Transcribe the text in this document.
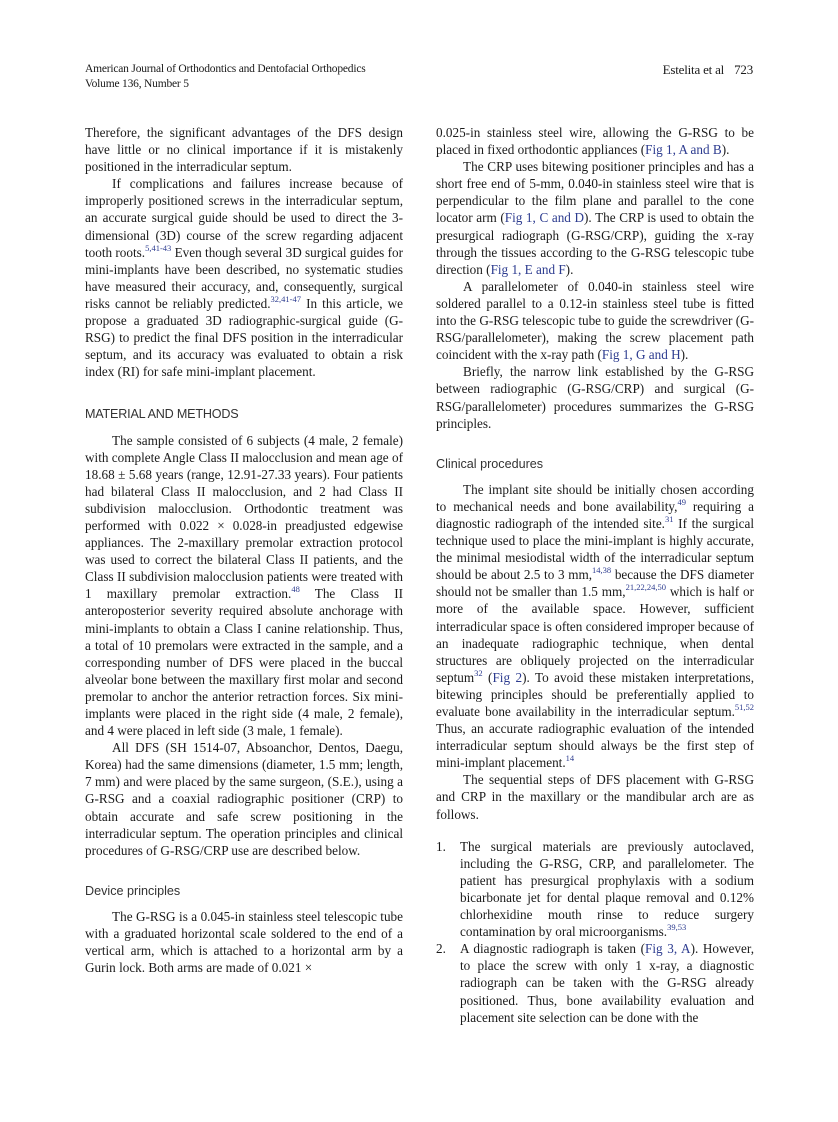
American Journal of Orthodontics and Dentofacial Orthopedics
Volume 136, Number 5
Estelita et al 723

Therefore, the significant advantages of the DFS design have little or no clinical importance if it is mistakenly positioned in the interradicular septum.

If complications and failures increase because of improperly positioned screws in the interradicular septum, an accurate surgical guide should be used to direct the 3-dimensional (3D) course of the screw regarding adjacent tooth roots.$^{5,41-43}$ Even though several 3D surgical guides for mini-implants have been described, no systematic studies have measured their accuracy, and, consequently, surgical risks cannot be reliably predicted.$^{32,41-47}$ In this article, we propose a graduated 3D radiographic-surgical guide (G-RSG) to predict the final DFS position in the interradicular septum, and its accuracy was evaluated to obtain a risk index (RI) for safe mini-implant placement.

MATERIAL AND METHODS

The sample consisted of 6 subjects (4 male, 2 female) with complete Angle Class II malocclusion and mean age of 18.68 ± 5.68 years (range, 12.91-27.33 years). Four patients had bilateral Class II malocclusion, and 2 had Class II subdivision malocclusion. Orthodontic treatment was performed with 0.022 × 0.028-in preadjusted edgewise appliances. The 2-maxillary premolar extraction protocol was used to correct the bilateral Class II patients, and the Class II subdivision malocclusion patients were treated with 1 maxillary premolar extraction.$^{48}$ The Class II anteroposterior severity required absolute anchorage with mini-implants to obtain a Class I canine relationship. Thus, a total of 10 premolars were extracted in the sample, and a corresponding number of DFS were placed in the buccal alveolar bone between the maxillary first molar and second premolar to anchor the anterior retraction forces. Six mini-implants were placed in the right side (4 male, 2 female), and 4 were placed in left side (3 male, 1 female).

All DFS (SH 1514-07, Absoanchor, Dentos, Daegu, Korea) had the same dimensions (diameter, 1.5 mm; length, 7 mm) and were placed by the same surgeon, (S.E.), using a G-RSG and a coaxial radiographic positioner (CRP) to obtain accurate and safe screw positioning in the interradicular septum. The operation principles and clinical procedures of G-RSG/CRP use are described below.

Device principles

The G-RSG is a 0.045-in stainless steel telescopic tube with a graduated horizontal scale soldered to the end of a vertical arm, which is attached to a horizontal arm by a Gurin lock. Both arms are made of 0.021 ×

0.025-in stainless steel wire, allowing the G-RSG to be placed in fixed orthodontic appliances (Fig 1, A and B).

The CRP uses bitewing positioner principles and has a short free end of 5-mm, 0.040-in stainless steel wire that is perpendicular to the film plane and parallel to the cone locator arm (Fig 1, C and D). The CRP is used to obtain the presurgical radiograph (G-RSG/CRP), guiding the x-ray through the tissues according to the G-RSG telescopic tube direction (Fig 1, E and F).

A parallelometer of 0.040-in stainless steel wire soldered parallel to a 0.12-in stainless steel tube is fitted into the G-RSG telescopic tube to guide the screwdriver (G-RSG/parallelometer), making the screw placement path coincident with the x-ray path (Fig 1, G and H).

Briefly, the narrow link established by the G-RSG between radiographic (G-RSG/CRP) and surgical (G-RSG/parallelometer) procedures summarizes the G-RSG principles.

Clinical procedures

The implant site should be initially chosen according to mechanical needs and bone availability,$^{49}$ requiring a diagnostic radiograph of the intended site.$^{31}$ If the surgical technique used to place the mini-implant is highly accurate, the minimal mesiodistal width of the interradicular septum should be about 2.5 to 3 mm,$^{14,38}$ because the DFS diameter should not be smaller than 1.5 mm,$^{21,22,24,50}$ which is half or more of the available space. However, sufficient interradicular space is often considered improper because of an inadequate radiographic technique, when dental structures are obliquely projected on the interradicular septum$^{32}$ (Fig 2). To avoid these mistaken interpretations, bitewing principles should be preferentially applied to evaluate bone availability in the interradicular septum.$^{51,52}$ Thus, an accurate radiographic evaluation of the intended interradicular septum should always be the first step of mini-implant placement.$^{14}$

The sequential steps of DFS placement with G-RSG and CRP in the maxillary or the mandibular arch are as follows.

1. The surgical materials are previously autoclaved, including the G-RSG, CRP, and parallelometer. The patient has presurgical prophylaxis with a sodium bicarbonate jet for dental plaque removal and 0.12% chlorhexidine mouth rinse to reduce surgery contamination by oral microorganisms.$^{39,53}$
2. A diagnostic radiograph is taken (Fig 3, A). However, to place the screw with only 1 x-ray, a diagnostic radiograph can be taken with the G-RSG already positioned. Thus, bone availability evaluation and placement site selection can be done with the
